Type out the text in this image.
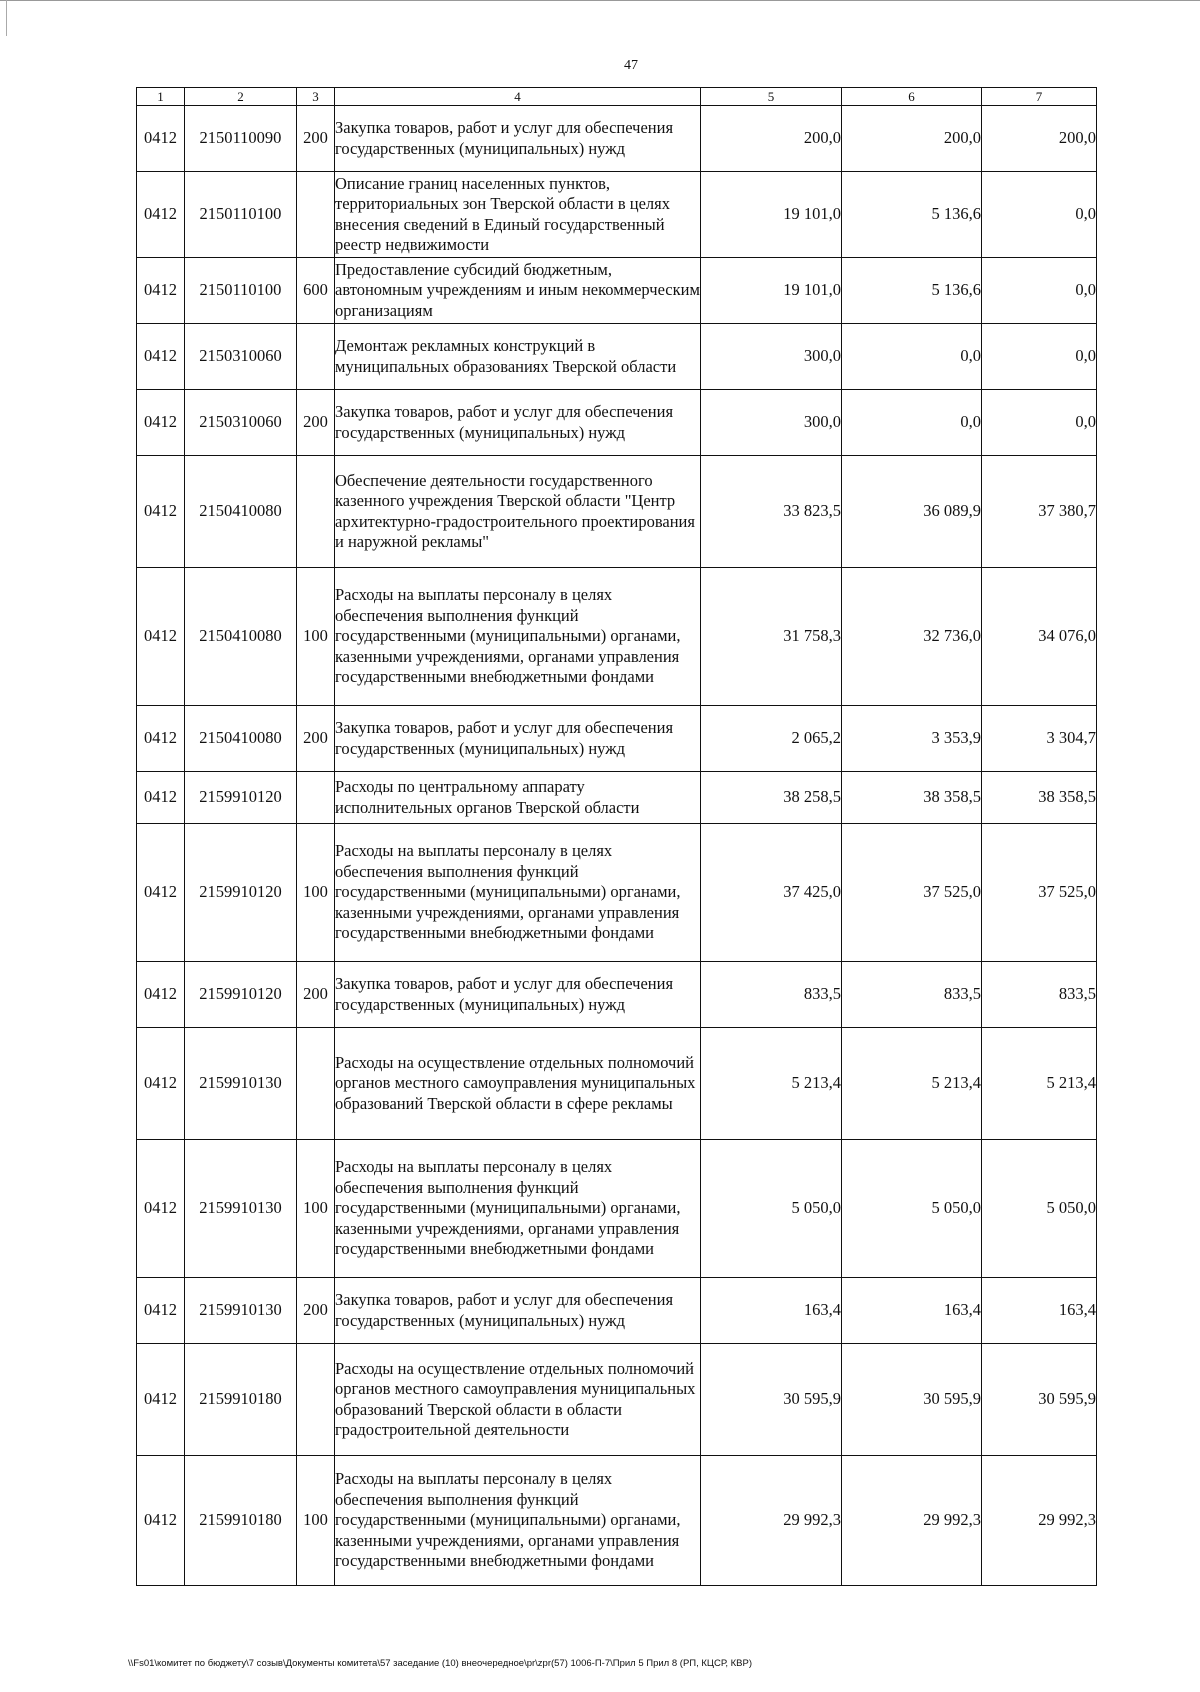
47
1	2	3	4	5	6	7
0412	2150110090	200	Закупка товаров, работ и услуг для обеспечения государственных (муниципальных) нужд	200,0	200,0	200,0
0412	2150110100		Описание границ населенных пунктов, территориальных зон Тверской области в целях внесения сведений в Единый государственный реестр недвижимости	19 101,0	5 136,6	0,0
0412	2150110100	600	Предоставление субсидий бюджетным, автономным учреждениям и иным некоммерческим организациям	19 101,0	5 136,6	0,0
0412	2150310060		Демонтаж рекламных конструкций в муниципальных образованиях Тверской области	300,0	0,0	0,0
0412	2150310060	200	Закупка товаров, работ и услуг для обеспечения государственных (муниципальных) нужд	300,0	0,0	0,0
0412	2150410080		Обеспечение деятельности государственного казенного учреждения Тверской области "Центр архитектурно-градостроительного проектирования и наружной рекламы"	33 823,5	36 089,9	37 380,7
0412	2150410080	100	Расходы на выплаты персоналу в целях обеспечения выполнения функций государственными (муниципальными) органами, казенными учреждениями, органами управления государственными внебюджетными фондами	31 758,3	32 736,0	34 076,0
0412	2150410080	200	Закупка товаров, работ и услуг для обеспечения государственных (муниципальных) нужд	2 065,2	3 353,9	3 304,7
0412	2159910120		Расходы по центральному аппарату исполнительных органов Тверской области	38 258,5	38 358,5	38 358,5
0412	2159910120	100	Расходы на выплаты персоналу в целях обеспечения выполнения функций государственными (муниципальными) органами, казенными учреждениями, органами управления государственными внебюджетными фондами	37 425,0	37 525,0	37 525,0
0412	2159910120	200	Закупка товаров, работ и услуг для обеспечения государственных (муниципальных) нужд	833,5	833,5	833,5
0412	2159910130		Расходы на осуществление отдельных полномочий органов местного самоуправления муниципальных образований Тверской области в сфере рекламы	5 213,4	5 213,4	5 213,4
0412	2159910130	100	Расходы на выплаты персоналу в целях обеспечения выполнения функций государственными (муниципальными) органами, казенными учреждениями, органами управления государственными внебюджетными фондами	5 050,0	5 050,0	5 050,0
0412	2159910130	200	Закупка товаров, работ и услуг для обеспечения государственных (муниципальных) нужд	163,4	163,4	163,4
0412	2159910180		Расходы на осуществление отдельных полномочий органов местного самоуправления муниципальных образований Тверской области в области градостроительной деятельности	30 595,9	30 595,9	30 595,9
0412	2159910180	100	Расходы на выплаты персоналу в целях обеспечения выполнения функций государственными (муниципальными) органами, казенными учреждениями, органами управления государственными внебюджетными фондами	29 992,3	29 992,3	29 992,3
\\Fs01\комитет по бюджету\7 созыв\Документы комитета\57 заседание (10) внеочередное\pr\zpr(57) 1006-П-7\Прил 5 Прил 8 (РП, КЦСР, КВР)
